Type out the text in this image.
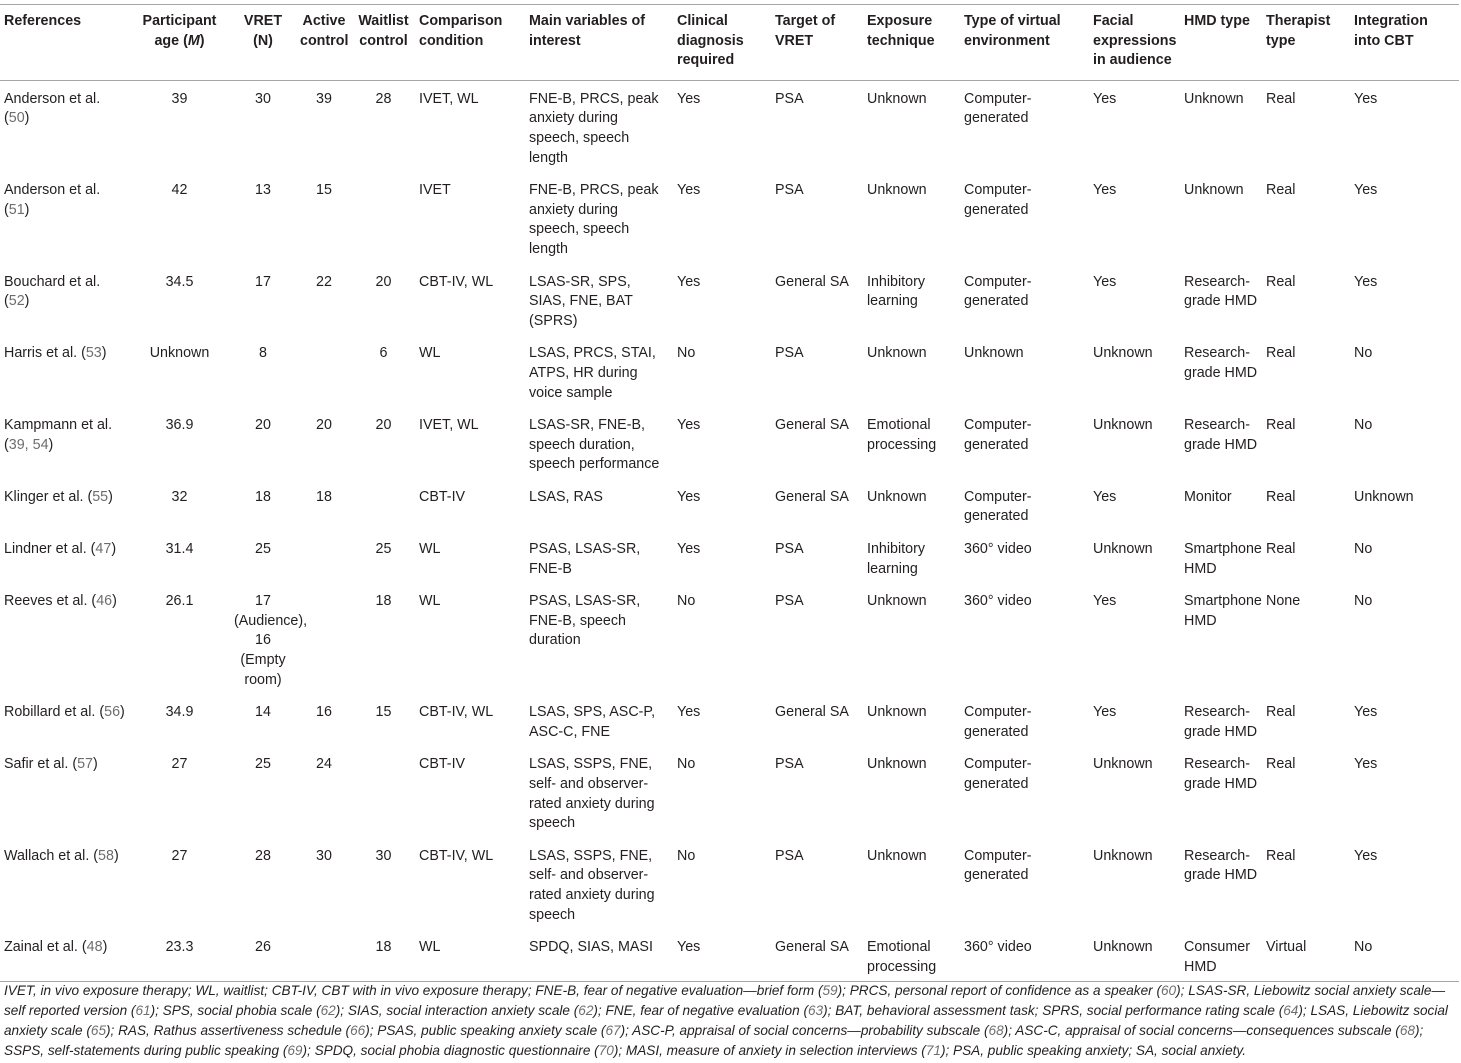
References	Participant age (M)	VRET (N)	Active control	Waitlist control	Comparison condition	Main variables of interest	Clinical diagnosis required	Target of VRET	Exposure technique	Type of virtual environment	Facial expressions in audience	HMD type	Therapist type	Integration into CBT
Anderson et al. (50)	39	30	39	28	IVET, WL	FNE-B, PRCS, peak anxiety during speech, speech length	Yes	PSA	Unknown	Computer-generated	Yes	Unknown	Real	Yes
Anderson et al. (51)	42	13	15		IVET	FNE-B, PRCS, peak anxiety during speech, speech length	Yes	PSA	Unknown	Computer-generated	Yes	Unknown	Real	Yes
Bouchard et al. (52)	34.5	17	22	20	CBT-IV, WL	LSAS-SR, SPS, SIAS, FNE, BAT (SPRS)	Yes	General SA	Inhibitory learning	Computer-generated	Yes	Research-grade HMD	Real	Yes
Harris et al. (53)	Unknown	8		6	WL	LSAS, PRCS, STAI, ATPS, HR during voice sample	No	PSA	Unknown	Unknown	Unknown	Research-grade HMD	Real	No
Kampmann et al. (39, 54)	36.9	20	20	20	IVET, WL	LSAS-SR, FNE-B, speech duration, speech performance	Yes	General SA	Emotional processing	Computer-generated	Unknown	Research-grade HMD	Real	No
Klinger et al. (55)	32	18	18		CBT-IV	LSAS, RAS	Yes	General SA	Unknown	Computer-generated	Yes	Monitor	Real	Unknown
Lindner et al. (47)	31.4	25		25	WL	PSAS, LSAS-SR, FNE-B	Yes	PSA	Inhibitory learning	360° video	Unknown	Smartphone HMD	Real	No
Reeves et al. (46)	26.1	17 (Audience), 16 (Empty room)		18	WL	PSAS, LSAS-SR, FNE-B, speech duration	No	PSA	Unknown	360° video	Yes	Smartphone HMD	None	No
Robillard et al. (56)	34.9	14	16	15	CBT-IV, WL	LSAS, SPS, ASC-P, ASC-C, FNE	Yes	General SA	Unknown	Computer-generated	Yes	Research-grade HMD	Real	Yes
Safir et al. (57)	27	25	24		CBT-IV	LSAS, SSPS, FNE, self- and observer-rated anxiety during speech	No	PSA	Unknown	Computer-generated	Unknown	Research-grade HMD	Real	Yes
Wallach et al. (58)	27	28	30	30	CBT-IV, WL	LSAS, SSPS, FNE, self- and observer-rated anxiety during speech	No	PSA	Unknown	Computer-generated	Unknown	Research-grade HMD	Real	Yes
Zainal et al. (48)	23.3	26		18	WL	SPDQ, SIAS, MASI	Yes	General SA	Emotional processing	360° video	Unknown	Consumer HMD	Virtual	No
IVET, in vivo exposure therapy; WL, waitlist; CBT-IV, CBT with in vivo exposure therapy; FNE-B, fear of negative evaluation—brief form (59); PRCS, personal report of confidence as a speaker (60); LSAS-SR, Liebowitz social anxiety scale—self reported version (61); SPS, social phobia scale (62); SIAS, social interaction anxiety scale (62); FNE, fear of negative evaluation (63); BAT, behavioral assessment task; SPRS, social performance rating scale (64); LSAS, Liebowitz social anxiety scale (65); RAS, Rathus assertiveness schedule (66); PSAS, public speaking anxiety scale (67); ASC-P, appraisal of social concerns—probability subscale (68); ASC-C, appraisal of social concerns—consequences subscale (68); SSPS, self-statements during public speaking (69); SPDQ, social phobia diagnostic questionnaire (70); MASI, measure of anxiety in selection interviews (71); PSA, public speaking anxiety; SA, social anxiety.
